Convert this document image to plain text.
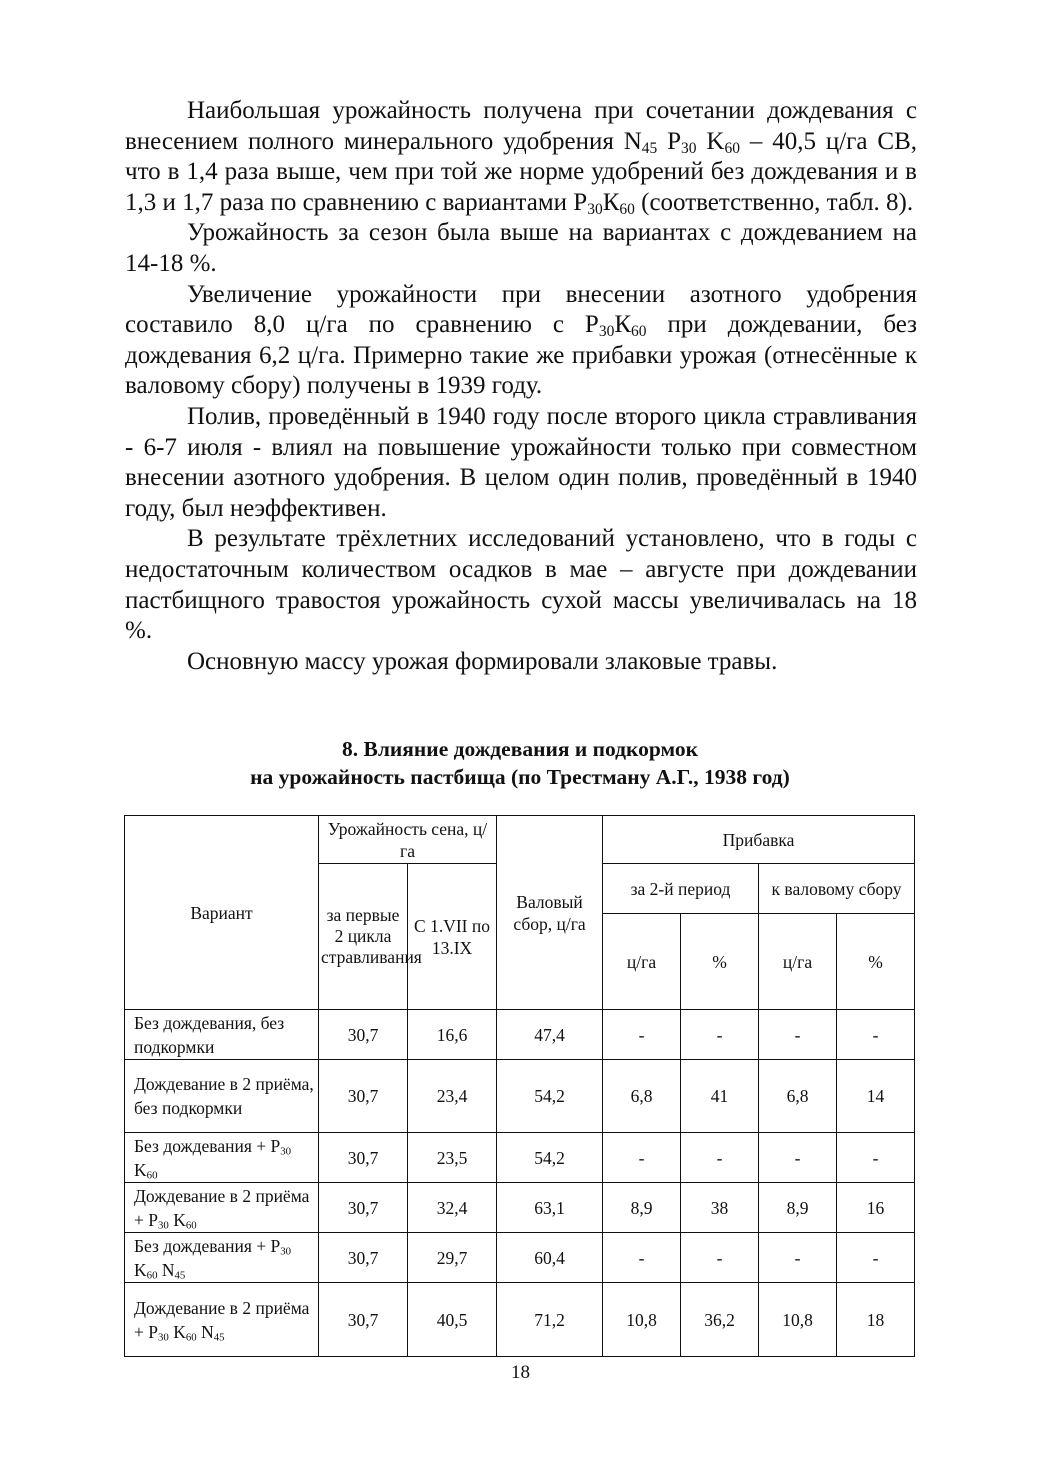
Наибольшая урожайность получена при сочетании дождевания с внесением полного минерального удобрения $N_{45}$ $P_{30}$ $K_{60} - 40,5$ ц/га СВ, что в 1,4 раза выше, чем при той же норме удобрений без дождевания и в 1,3 и 1,7 раза по сравнению с вариантами $Р_{30}К_{60}$ (соответственно, табл. 8).

Урожайность за сезон была выше на вариантах с дождеванием на 14-18 %.

Увеличение урожайности при внесении азотного удобрения составило 8,0 ц/га по сравнению с $Р_{30}К_{60}$ при дождевании, без дождевания 6,2 ц/га. Примерно такие же прибавки урожая (отнесённые к валовому сбору) получены в 1939 году.

Полив, проведённый в 1940 году после второго цикла стравливания - 6-7 июля - влиял на повышение урожайности только при совместном внесении азотного удобрения. В целом один полив, проведённый в 1940 году, был неэффективен.

В результате трёхлетних исследований установлено, что в годы с недостаточным количеством осадков в мае – августе при дождевании пастбищного травостоя урожайность сухой массы увеличивалась на 18 %.

Основную массу урожая формировали злаковые травы.

8. Влияние дождевания и подкормок
на урожайность пастбища (по Трестману А.Г., 1938 год)
Вариант	Урожайность сена, ц/га		Валовый сбор, ц/га	Прибавка			
	за первые 2 цикла стравливания	С 1.VII по 13.IX		за 2-й период		к валовому сбору	
				ц/га	%	ц/га	%
Без дождевания, без подкормки	30,7	16,6	47,4	-	-	-	-
Дождевание в 2 приёма, без подкормки	30,7	23,4	54,2	6,8	41	6,8	14
Без дождевания + $P_{30}$ $K_{60}$	30,7	23,5	54,2	-	-	-	-
Дождевание в 2 приёма + $P_{30}$ $K_{60}$	30,7	32,4	63,1	8,9	38	8,9	16
Без дождевания + $P_{30}$ $K_{60}$ $N_{45}$	30,7	29,7	60,4	-	-	-	-
Дождевание в 2 приёма + $P_{30}$ $K_{60}$ $N_{45}$	30,7	40,5	71,2	10,8	36,2	10,8	18
18
